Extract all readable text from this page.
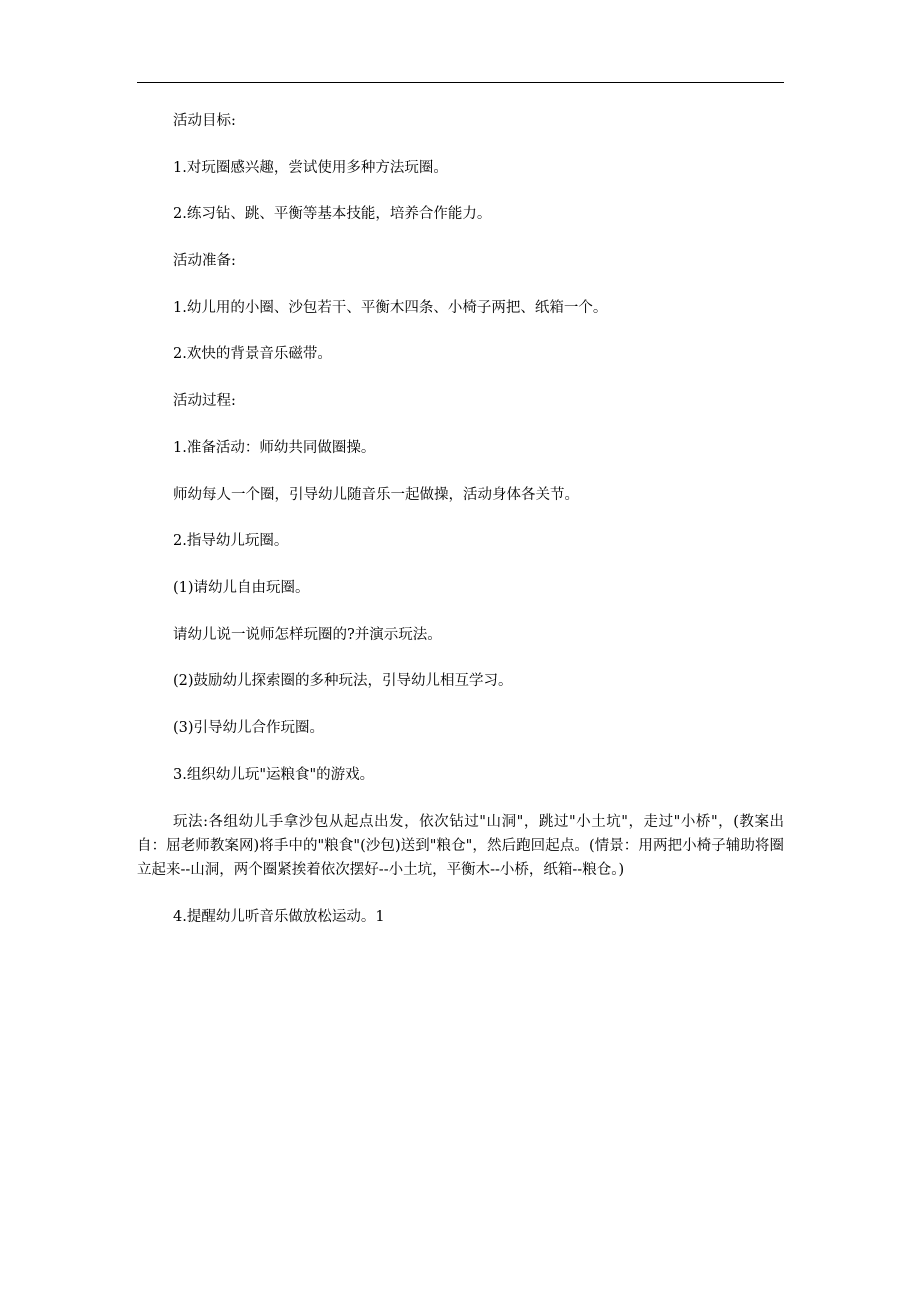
活动目标:

1.对玩圈感兴趣，尝试使用多种方法玩圈。

2.练习钻、跳、平衡等基本技能，培养合作能力。

活动准备:

1.幼儿用的小圈、沙包若干、平衡木四条、小椅子两把、纸箱一个。

2.欢快的背景音乐磁带。

活动过程:

1.准备活动：师幼共同做圈操。

师幼每人一个圈，引导幼儿随音乐一起做操，活动身体各关节。

2.指导幼儿玩圈。

(1)请幼儿自由玩圈。

请幼儿说一说师怎样玩圈的?并演示玩法。

(2)鼓励幼儿探索圈的多种玩法，引导幼儿相互学习。

(3)引导幼儿合作玩圈。

3.组织幼儿玩"运粮食"的游戏。

玩法:各组幼儿手拿沙包从起点出发，依次钻过"山洞"，跳过"小土坑"，走过"小桥"，(教案出自：屈老师教案网)将手中的"粮食"(沙包)送到"粮仓"，然后跑回起点。(情景：用两把小椅子辅助将圈立起来--山洞，两个圈紧挨着依次摆好--小土坑，平衡木--小桥，纸箱--粮仓。)

4.提醒幼儿听音乐做放松运动。1
